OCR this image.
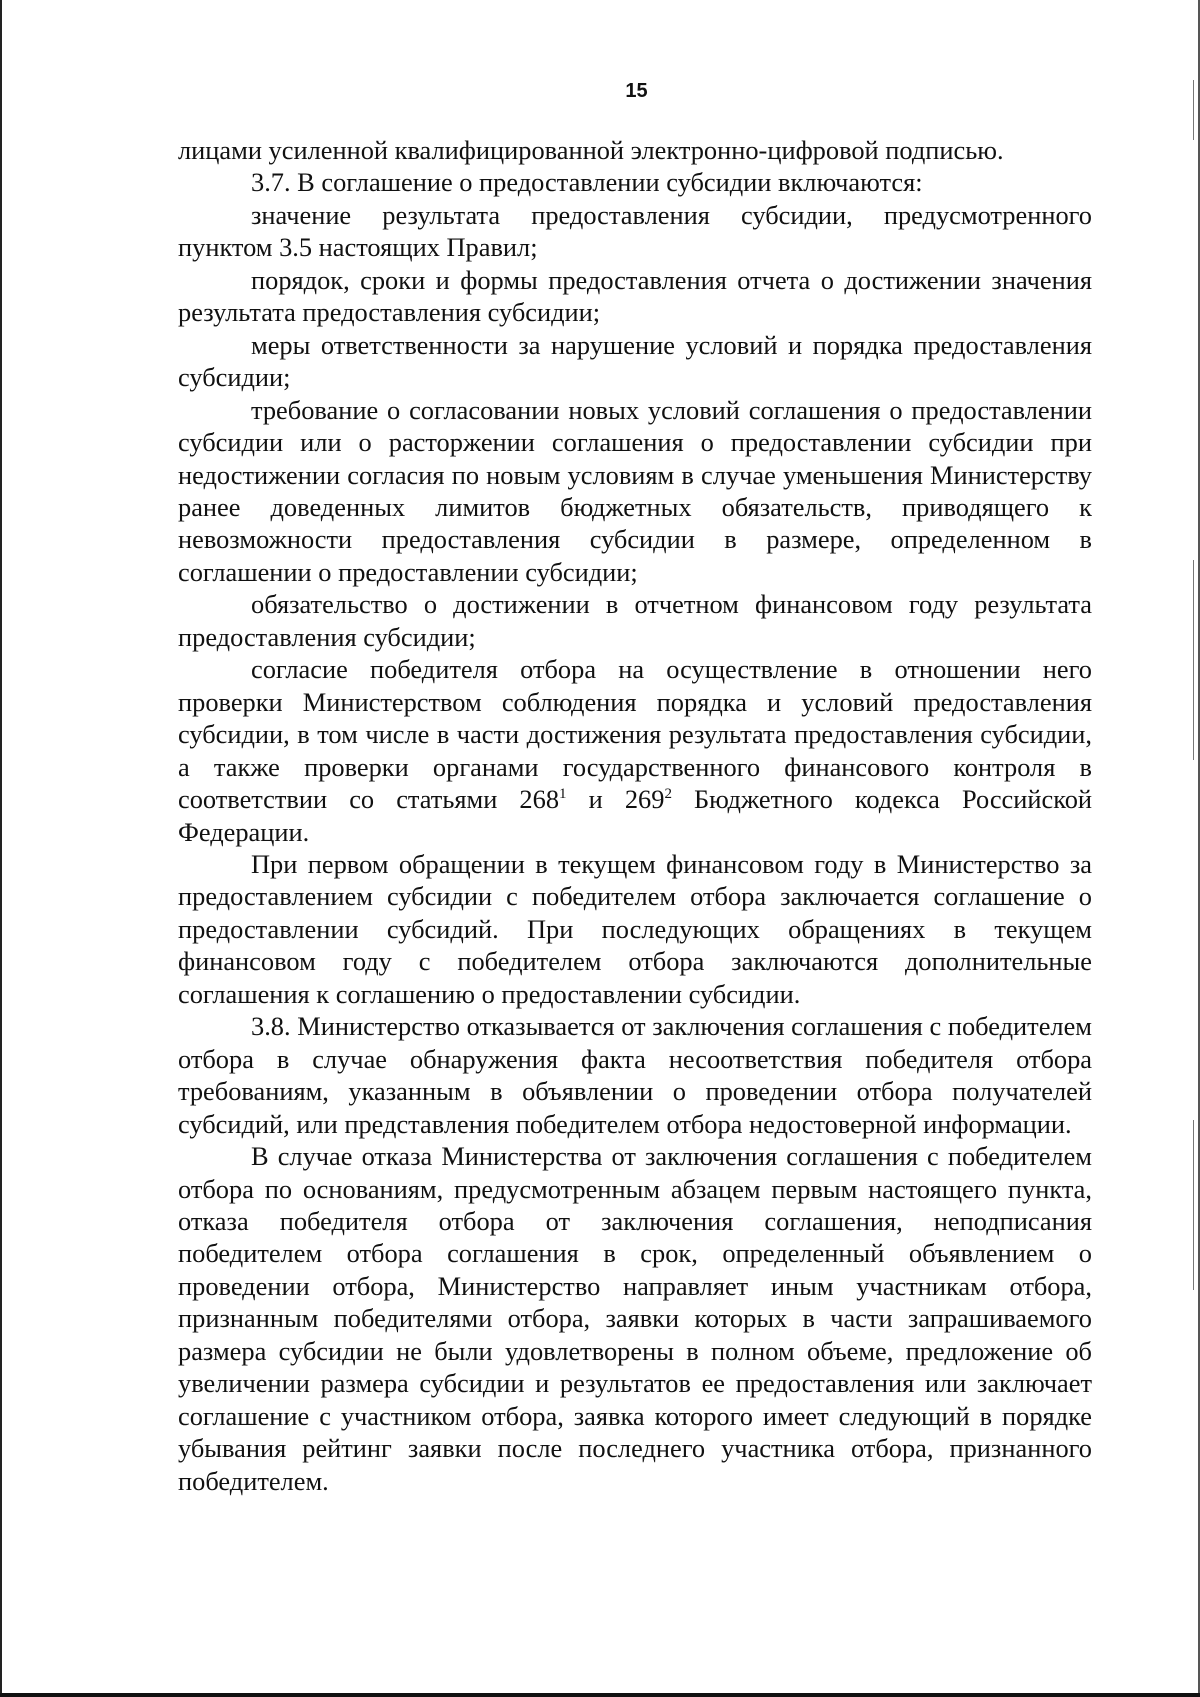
15

лицами усиленной квалифицированной электронно-цифровой подписью.

3.7. В соглашение о предоставлении субсидии включаются:

значение результата предоставления субсидии, предусмотренного пунктом 3.5 настоящих Правил;

порядок, сроки и формы предоставления отчета о достижении значения результата предоставления субсидии;

меры ответственности за нарушение условий и порядка предоставления субсидии;

требование о согласовании новых условий соглашения о предоставлении субсидии или о расторжении соглашения о предоставлении субсидии при недостижении согласия по новым условиям в случае уменьшения Министерству ранее доведенных лимитов бюджетных обязательств, приводящего к невозможности предоставления субсидии в размере, определенном в соглашении о предоставлении субсидии;

обязательство о достижении в отчетном финансовом году результата предоставления субсидии;

согласие победителя отбора на осуществление в отношении него проверки Министерством соблюдения порядка и условий предоставления субсидии, в том числе в части достижения результата предоставления субсидии, а также проверки органами государственного финансового контроля в соответствии со статьями $268^1$ и $269^2$ Бюджетного кодекса Российской Федерации.

При первом обращении в текущем финансовом году в Министерство за предоставлением субсидии с победителем отбора заключается соглашение о предоставлении субсидий. При последующих обращениях в текущем финансовом году с победителем отбора заключаются дополнительные соглашения к соглашению о предоставлении субсидии.

3.8. Министерство отказывается от заключения соглашения с победителем отбора в случае обнаружения факта несоответствия победителя отбора требованиям, указанным в объявлении о проведении отбора получателей субсидий, или представления победителем отбора недостоверной информации.

В случае отказа Министерства от заключения соглашения с победителем отбора по основаниям, предусмотренным абзацем первым настоящего пункта, отказа победителя отбора от заключения соглашения, неподписания победителем отбора соглашения в срок, определенный объявлением о проведении отбора, Министерство направляет иным участникам отбора, признанным победителями отбора, заявки которых в части запрашиваемого размера субсидии не были удовлетворены в полном объеме, предложение об увеличении размера субсидии и результатов ее предоставления или заключает соглашение с участником отбора, заявка которого имеет следующий в порядке убывания рейтинг заявки после последнего участника отбора, признанного победителем.
